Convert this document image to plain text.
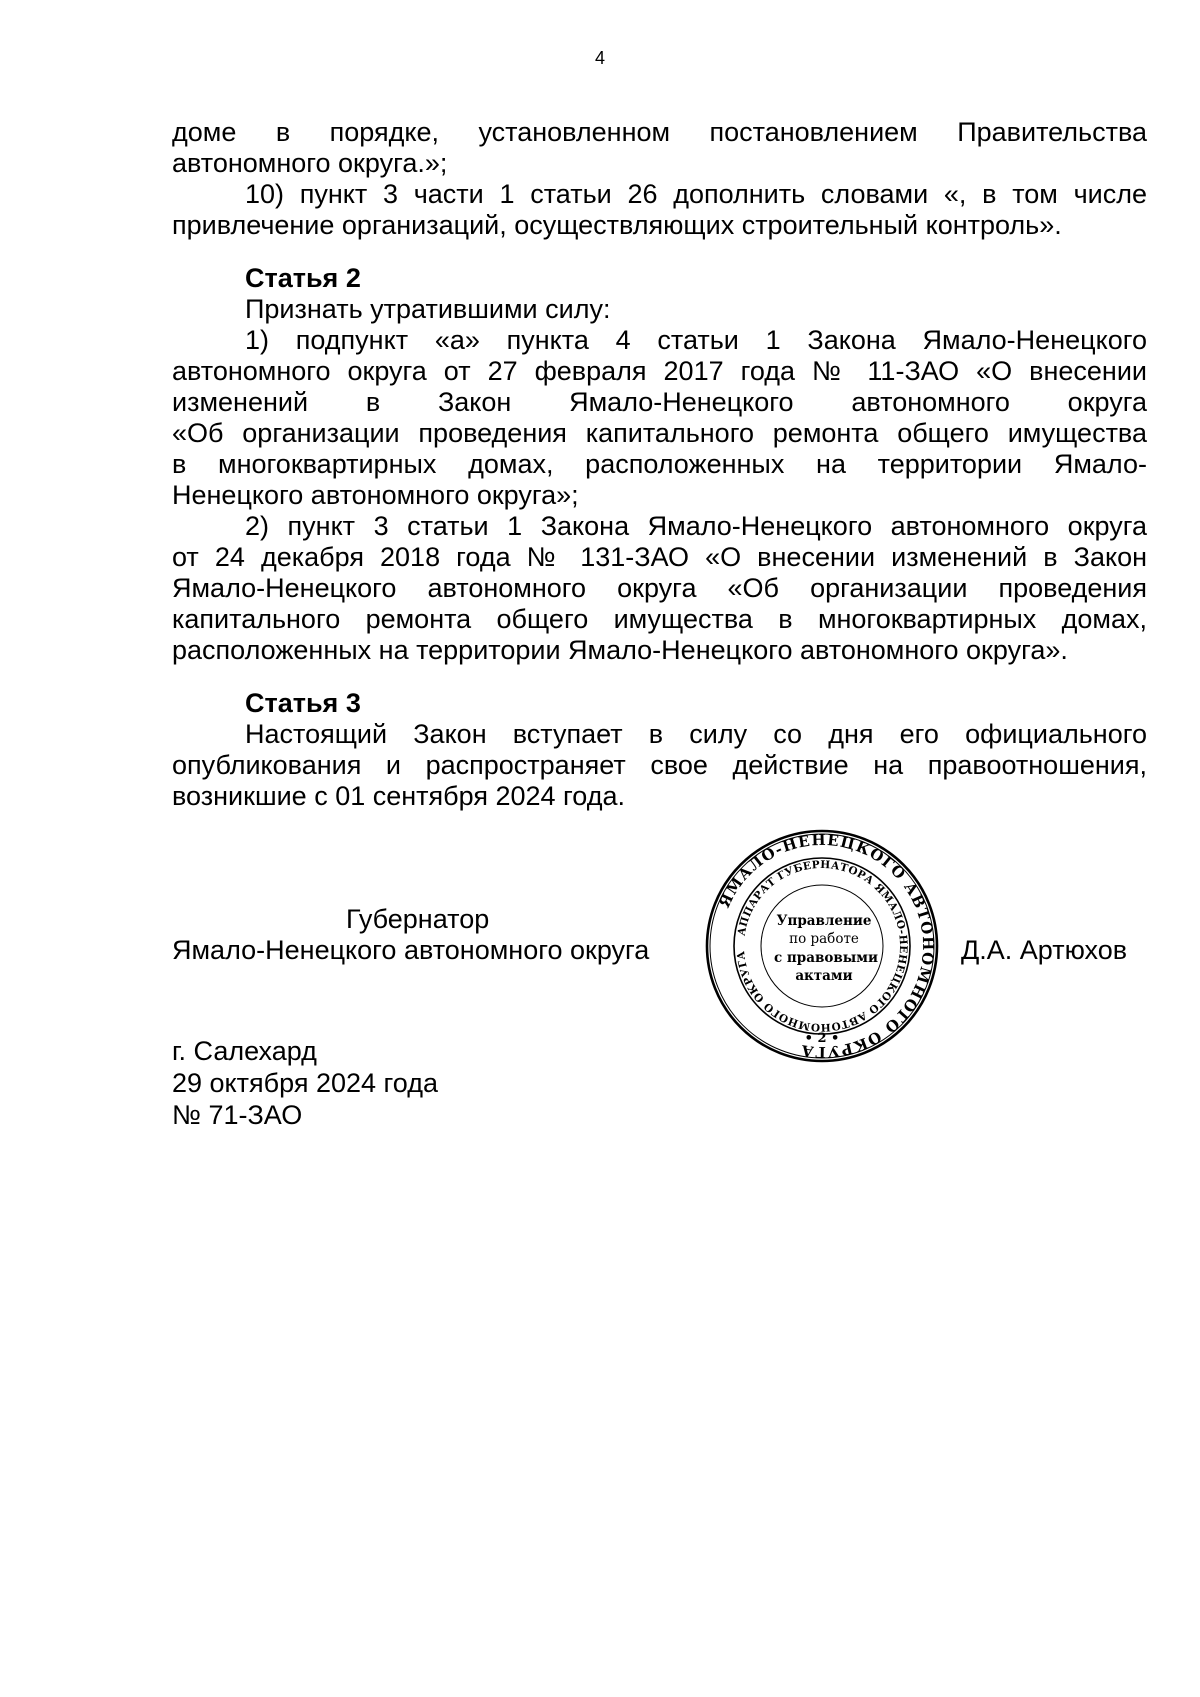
4
доме в порядке, установленном постановлением Правительства
автономного округа.»;
10) пункт 3 части 1 статьи 26 дополнить словами «, в том числе
привлечение организаций, осуществляющих строительный контроль».
Статья 2
Признать утратившими силу:
1) подпункт «а» пункта 4 статьи 1 Закона Ямало-Ненецкого
автономного округа от 27 февраля 2017 года № 11-ЗАО «О внесении
изменений в Закон Ямало-Ненецкого автономного округа
«Об организации проведения капитального ремонта общего имущества
в многоквартирных домах, расположенных на территории Ямало-
Ненецкого автономного округа»;
2) пункт 3 статьи 1 Закона Ямало-Ненецкого автономного округа
от 24 декабря 2018 года № 131-ЗАО «О внесении изменений в Закон
Ямало-Ненецкого автономного округа «Об организации проведения
капитального ремонта общего имущества в многоквартирных домах,
расположенных на территории Ямало-Ненецкого автономного округа».
Статья 3
Настоящий Закон вступает в силу со дня его официального
опубликования и распространяет свое действие на правоотношения,
возникшие с 01 сентября 2024 года.
Губернатор
Ямало-Ненецкого автономного округа	Д.А. Артюхов
ЯМАЛО-НЕНЕЦКОГО АВТОНОМНОГО ОКРУГА
АППАРАТ ГУБЕРНАТОРА ЯМАЛО-НЕНЕЦКОГО АВТОНОМНОГО ОКРУГА
Управление
по работе
с правовыми
актами
• 2 •
г. Салехард
29 октября 2024 года
№ 71-ЗАО
